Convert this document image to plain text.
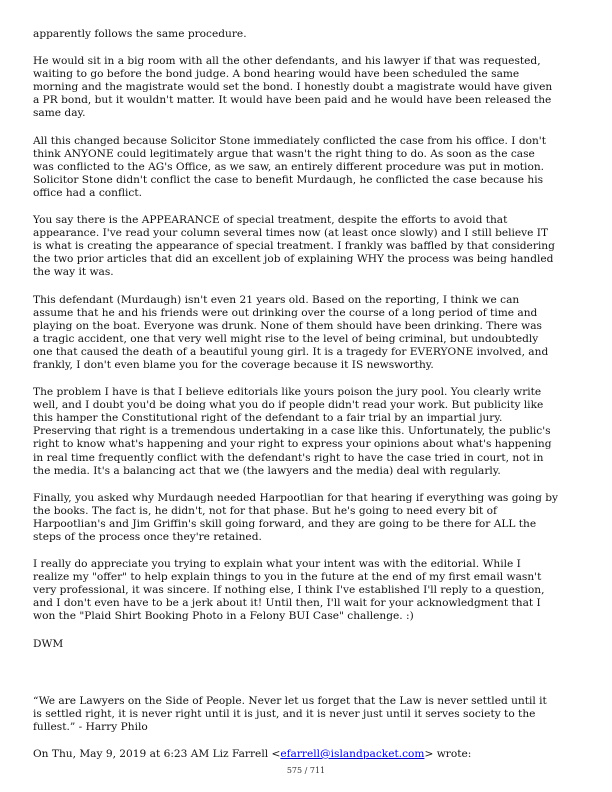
apparently follows the same procedure.

He would sit in a big room with all the other defendants, and his lawyer if that was requested,
waiting to go before the bond judge. A bond hearing would have been scheduled the same
morning and the magistrate would set the bond. I honestly doubt a magistrate would have given
a PR bond, but it wouldn't matter. It would have been paid and he would have been released the
same day.

All this changed because Solicitor Stone immediately conflicted the case from his office. I don't
think ANYONE could legitimately argue that wasn't the right thing to do. As soon as the case
was conflicted to the AG's Office, as we saw, an entirely different procedure was put in motion.
Solicitor Stone didn't conflict the case to benefit Murdaugh, he conflicted the case because his
office had a conflict.

You say there is the APPEARANCE of special treatment, despite the efforts to avoid that
appearance. I've read your column several times now (at least once slowly) and I still believe IT
is what is creating the appearance of special treatment. I frankly was baffled by that considering
the two prior articles that did an excellent job of explaining WHY the process was being handled
the way it was.

This defendant (Murdaugh) isn't even 21 years old. Based on the reporting, I think we can
assume that he and his friends were out drinking over the course of a long period of time and
playing on the boat. Everyone was drunk. None of them should have been drinking. There was
a tragic accident, one that very well might rise to the level of being criminal, but undoubtedly
one that caused the death of a beautiful young girl. It is a tragedy for EVERYONE involved, and
frankly, I don't even blame you for the coverage because it IS newsworthy.

The problem I have is that I believe editorials like yours poison the jury pool. You clearly write
well, and I doubt you'd be doing what you do if people didn't read your work. But publicity like
this hamper the Constitutional right of the defendant to a fair trial by an impartial jury.
Preserving that right is a tremendous undertaking in a case like this. Unfortunately, the public's
right to know what's happening and your right to express your opinions about what's happening
in real time frequently conflict with the defendant's right to have the case tried in court, not in
the media. It's a balancing act that we (the lawyers and the media) deal with regularly.

Finally, you asked why Murdaugh needed Harpootlian for that hearing if everything was going by
the books. The fact is, he didn't, not for that phase. But he's going to need every bit of
Harpootlian's and Jim Griffin's skill going forward, and they are going to be there for ALL the
steps of the process once they're retained.

I really do appreciate you trying to explain what your intent was with the editorial. While I
realize my "offer" to help explain things to you in the future at the end of my first email wasn't
very professional, it was sincere. If nothing else, I think I've established I'll reply to a question,
and I don't even have to be a jerk about it! Until then, I'll wait for your acknowledgment that I
won the "Plaid Shirt Booking Photo in a Felony BUI Case" challenge. :)

DWM

“We are Lawyers on the Side of People. Never let us forget that the Law is never settled until it
is settled right, it is never right until it is just, and it is never just until it serves society to the
fullest.” - Harry Philo

On Thu, May 9, 2019 at 6:23 AM Liz Farrell <efarrell@islandpacket.com> wrote:
575 / 711
